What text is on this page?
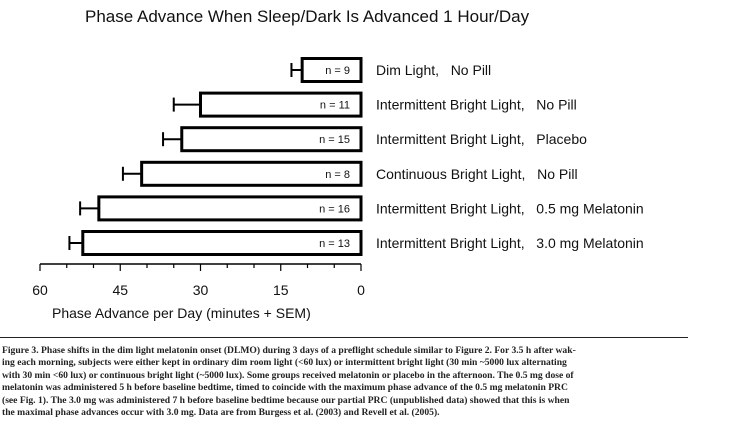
Phase Advance When Sleep/Dark Is Advanced 1 Hour/Day
n = 9 Dim Light,   No Pill
n = 11 Intermittent Bright Light,   No Pill
n = 15 Intermittent Bright Light,   Placebo
n = 8 Continuous Bright Light,   No Pill
n = 16 Intermittent Bright Light,   0.5 mg Melatonin
n = 13 Intermittent Bright Light,   3.0 mg Melatonin
60	45	30	15	0
Phase Advance per Day (minutes + SEM)

Figure 3. Phase shifts in the dim light melatonin onset (DLMO) during 3 days of a preflight schedule similar to Figure 2. For 3.5 h after wak-

ing each morning, subjects were either kept in ordinary dim room light (<60 lux) or intermittent bright light (30 min ~5000 lux alternating

with 30 min <60 lux) or continuous bright light (~5000 lux). Some groups received melatonin or placebo in the afternoon. The 0.5 mg dose of

melatonin was administered 5 h before baseline bedtime, timed to coincide with the maximum phase advance of the 0.5 mg melatonin PRC

(see Fig. 1). The 3.0 mg was administered 7 h before baseline bedtime because our partial PRC (unpublished data) showed that this is when

the maximal phase advances occur with 3.0 mg. Data are from Burgess et al. (2003) and Revell et al. (2005).
